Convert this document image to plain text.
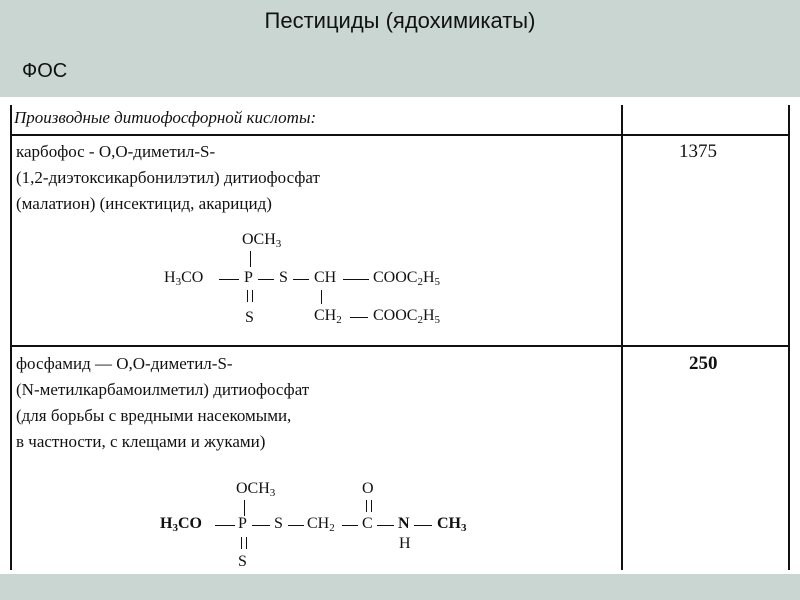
Пестициды (ядохимикаты)
ФОС
Производные дитиофосфорной кислоты:
карбофос - О,О-диметил-S-
(1,2-диэтоксикарбонилэтил) дитиофосфат
(малатион) (инсектицид, акарицид)
1375
$OCH_3$
$H_3CO$	P S CH $COOC_2H_5$
S	$CH_2$ $COOC_2H_5$
фосфамид — О,О-диметил-S-
(N-метилкарбамоилметил) дитиофосфат
(для борьбы с вредными насекомыми,
в частности, с клещами и жуками)
250
$OCH_3$
$H_3CO$ P S $CH_2$
O
C N $CH_3$
H
S
